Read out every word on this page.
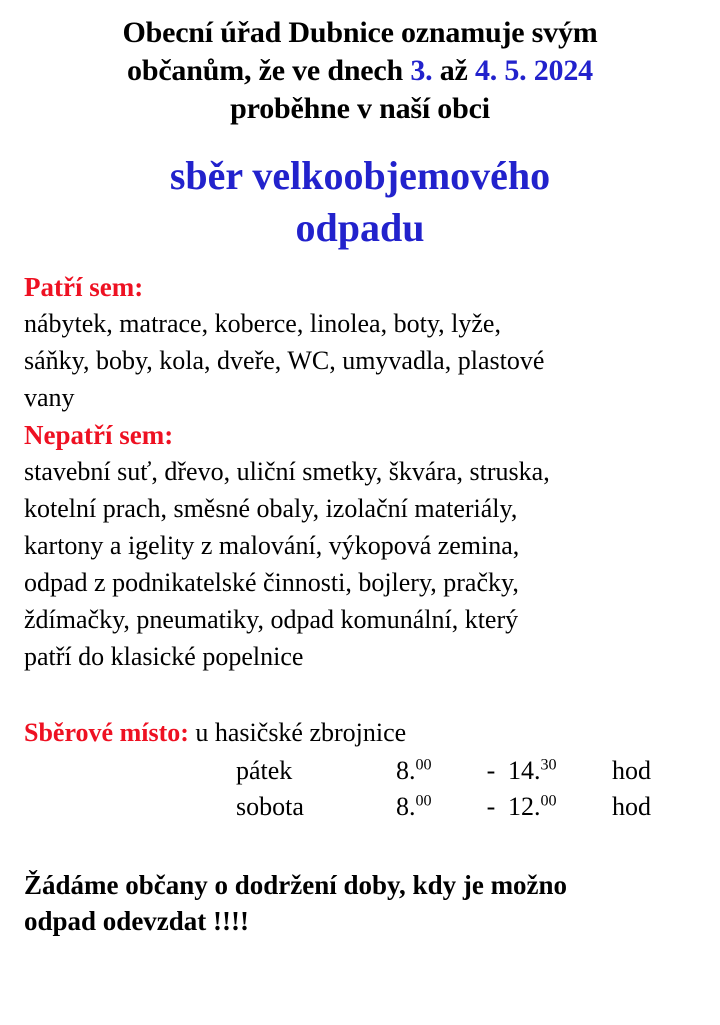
Obecní úřad Dubnice oznamuje svým
občanům, že ve dnech 3. až 4. 5. 2024
proběhne v naší obci
sběr velkoobjemového
odpadu
Patří sem:
nábytek, matrace, koberce, linolea, boty, lyže,
sáňky, boby, kola, dveře, WC, umyvadla, plastové
vany
Nepatří sem:
stavební suť, dřevo, uliční smetky, škvára, struska,
kotelní prach, směsné obaly, izolační materiály,
kartony a igelity z malování, výkopová zemina,
odpad z podnikatelské činnosti, bojlery, pračky,
ždímačky, pneumatiky, odpad komunální, který
patří do klasické popelnice
Sběrové místo: u hasičské zbrojnice
pátek	8.00	-	14.30	hod
sobota	8.00	-	12.00	hod
Žádáme občany o dodržení doby, kdy je možno
odpad odevzdat !!!!
